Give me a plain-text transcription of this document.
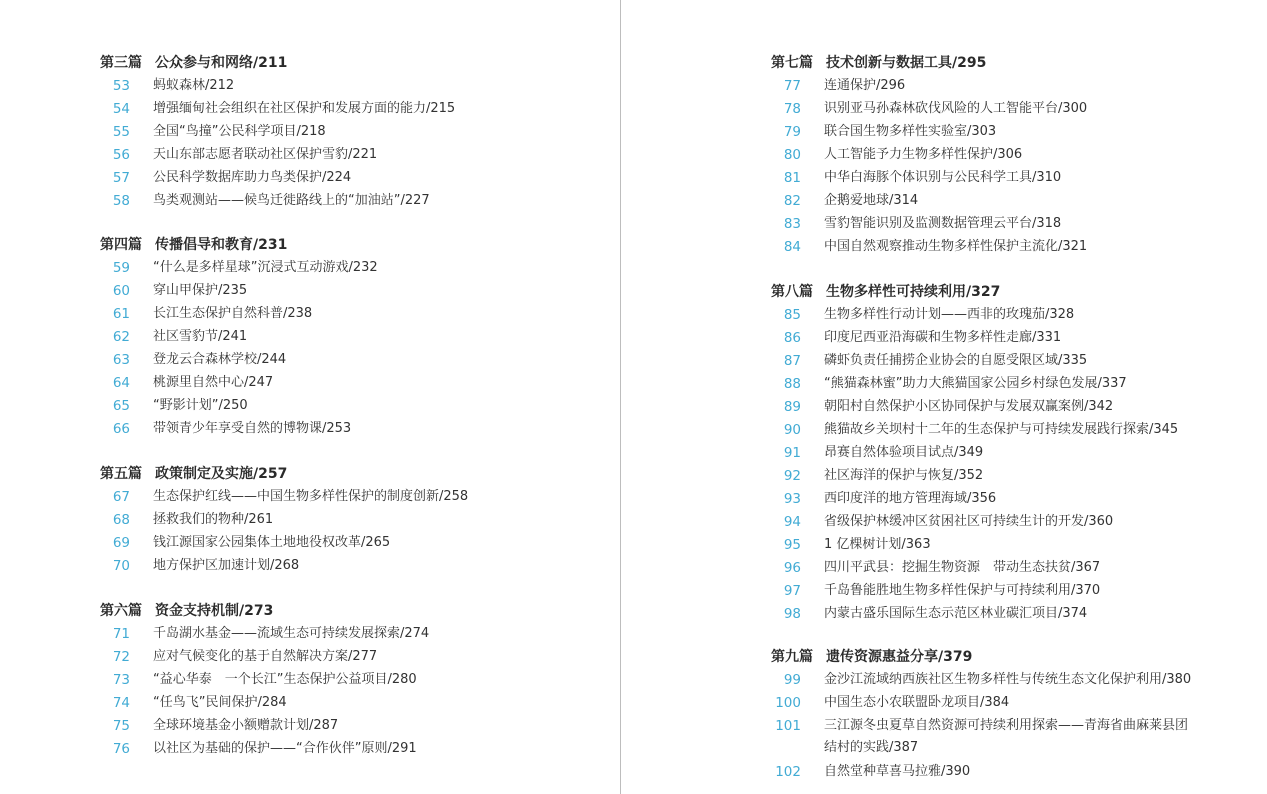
第三篇 公众参与和网络/211
53 蚂蚁森林/212
54 增强缅甸社会组织在社区保护和发展方面的能力/215
55 全国“鸟撞”公民科学项目/218
56 天山东部志愿者联动社区保护雪豹/221
57 公民科学数据库助力鸟类保护/224
58 鸟类观测站——候鸟迁徙路线上的“加油站”/227
第四篇 传播倡导和教育/231
59 “什么是多样星球”沉浸式互动游戏/232
60 穿山甲保护/235
61 长江生态保护自然科普/238
62 社区雪豹节/241
63 登龙云合森林学校/244
64 桃源里自然中心/247
65 “野影计划”/250
66 带领青少年享受自然的博物课/253
第五篇 政策制定及实施/257
67 生态保护红线——中国生物多样性保护的制度创新/258
68 拯救我们的物种/261
69 钱江源国家公园集体土地地役权改革/265
70 地方保护区加速计划/268
第六篇 资金支持机制/273
71 千岛湖水基金——流域生态可持续发展探索/274
72 应对气候变化的基于自然解决方案/277
73 “益心华泰　一个长江”生态保护公益项目/280
74 “任鸟飞”民间保护/284
75 全球环境基金小额赠款计划/287
76 以社区为基础的保护——“合作伙伴”原则/291
第七篇 技术创新与数据工具/295
77 连通保护/296
78 识别亚马孙森林砍伐风险的人工智能平台/300
79 联合国生物多样性实验室/303
80 人工智能予力生物多样性保护/306
81 中华白海豚个体识别与公民科学工具/310
82 企鹅爱地球/314
83 雪豹智能识别及监测数据管理云平台/318
84 中国自然观察推动生物多样性保护主流化/321
第八篇 生物多样性可持续利用/327
85 生物多样性行动计划——西非的玫瑰茄/328
86 印度尼西亚沿海碳和生物多样性走廊/331
87 磷虾负责任捕捞企业协会的自愿受限区域/335
88 “熊猫森林蜜”助力大熊猫国家公园乡村绿色发展/337
89 朝阳村自然保护小区协同保护与发展双赢案例/342
90 熊猫故乡关坝村十二年的生态保护与可持续发展践行探索/345
91 昂赛自然体验项目试点/349
92 社区海洋的保护与恢复/352
93 西印度洋的地方管理海域/356
94 省级保护林缓冲区贫困社区可持续生计的开发/360
95 1 亿棵树计划/363
96 四川平武县：挖掘生物资源　带动生态扶贫/367
97 千岛鲁能胜地生物多样性保护与可持续利用/370
98 内蒙古盛乐国际生态示范区林业碳汇项目/374
第九篇 遗传资源惠益分享/379
99 金沙江流域纳西族社区生物多样性与传统生态文化保护利用/380
100 中国生态小农联盟卧龙项目/384
101 三江源冬虫夏草自然资源可持续利用探索——青海省曲麻莱县团结村的实践/387
102 自然堂种草喜马拉雅/390
